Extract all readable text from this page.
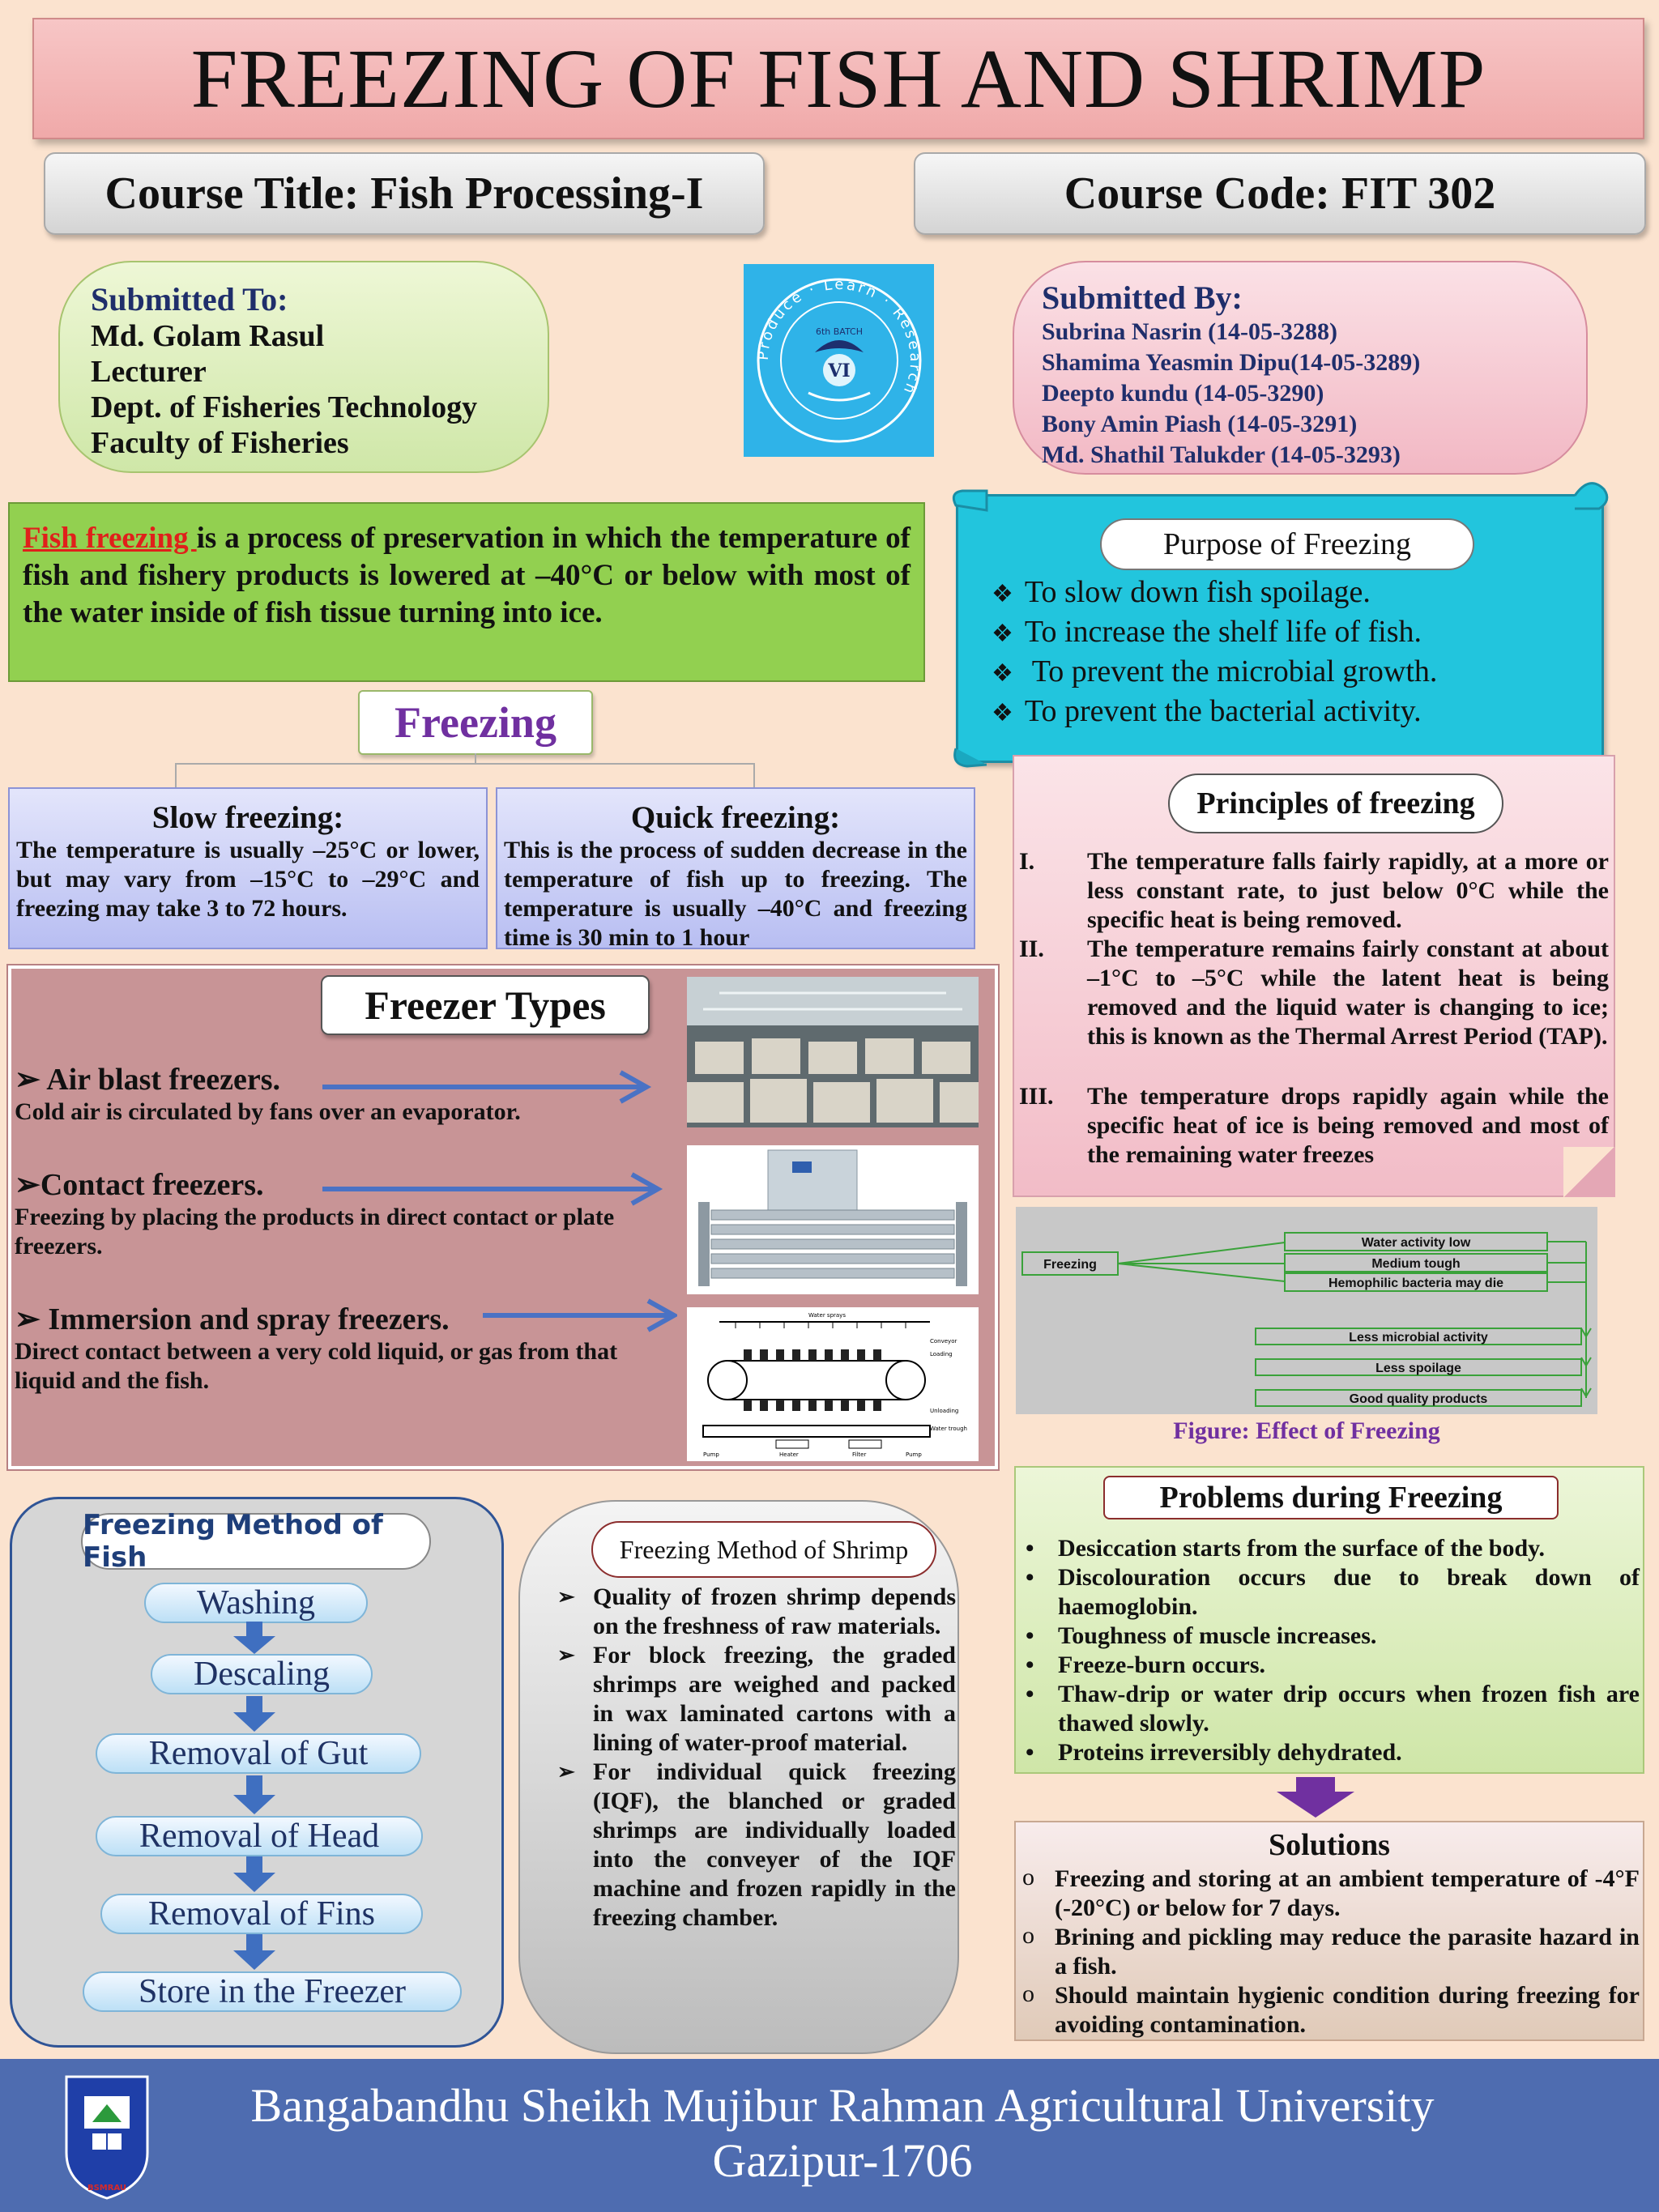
FREEZING OF FISH AND SHRIMP
Course Title: Fish Processing-I	Course Code: FIT 302
Submitted To:
Md. Golam Rasul
Lecturer
Dept. of Fisheries Technology
Faculty of Fisheries
Produce · Learn · Research
6th BATCH
VI
Submitted By:
Subrina Nasrin (14-05-3288)
Shamima Yeasmin Dipu(14-05-3289)
Deepto kundu (14-05-3290)
Bony Amin Piash (14-05-3291)
Md. Shathil Talukder (14-05-3293)
Fish freezing is a process of preservation in which the temperature of fish and fishery products is lowered at –40°C or below with most of the water inside of fish tissue turning into ice.
Purpose of Freezing
❖ To slow down fish spoilage.
❖ To increase the shelf life of fish.
❖ To prevent the microbial growth.
❖ To prevent the bacterial activity.
Freezing
Slow freezing:
The temperature is usually –25°C or lower, but may vary from –15°C to –29°C and freezing may take 3 to 72 hours.
Quick freezing:
This is the process of sudden decrease in the temperature of fish up to freezing. The temperature is usually –40°C and freezing time is 30 min to 1 hour
Principles of freezing
I.	The temperature falls fairly rapidly, at a more or less constant rate, to just below 0°C while the specific heat is being removed.
II.	The temperature remains fairly constant at about –1°C to –5°C while the latent heat is being removed and the liquid water is changing to ice; this is known as the Thermal Arrest Period (TAP).
III.	The temperature drops rapidly again while the specific heat of ice is being removed and most of the remaining water freezes
Freezer Types
➢ Air blast freezers.
Cold air is circulated by fans over an evaporator.
➢Contact freezers.
Freezing by placing the products in direct contact or plate freezers.
➢ Immersion and spray freezers.
Direct contact between a very cold liquid, or gas from that liquid and the fish.
Water sprays
Conveyor
Loading
Unloading
Water trough
Heater	Filter
Pump	Pump
Freezing
Water activity low
Medium tough
Hemophilic bacteria may die
Less microbial activity
Less spoilage
Good quality products
Figure: Effect of Freezing
Problems during Freezing
• Desiccation starts from the surface of the body.
• Discolouration occurs due to break down of haemoglobin.
• Toughness of muscle increases.
• Freeze-burn occurs.
• Thaw-drip or water drip occurs when frozen fish are thawed slowly.
• Proteins irreversibly dehydrated.
Solutions
o Freezing and storing at an ambient temperature of -4°F (-20°C) or below for 7 days.
o Brining and pickling may reduce the parasite hazard in a fish.
o Should maintain hygienic condition during freezing for avoiding contamination.
Freezing Method of Fish
Washing
Descaling
Removal of Gut
Removal of Head
Removal of Fins
Store in the Freezer
Freezing Method of Shrimp
➢ Quality of frozen shrimp depends on the freshness of raw materials.
➢ For block freezing, the graded shrimps are weighed and packed in wax laminated cartons with a lining of water-proof material.
➢ For individual quick freezing (IQF), the blanched or graded shrimps are individually loaded into the conveyer of the IQF machine and frozen rapidly in the freezing chamber.
BSMRAU
Bangabandhu Sheikh Mujibur Rahman Agricultural University
Gazipur-1706
